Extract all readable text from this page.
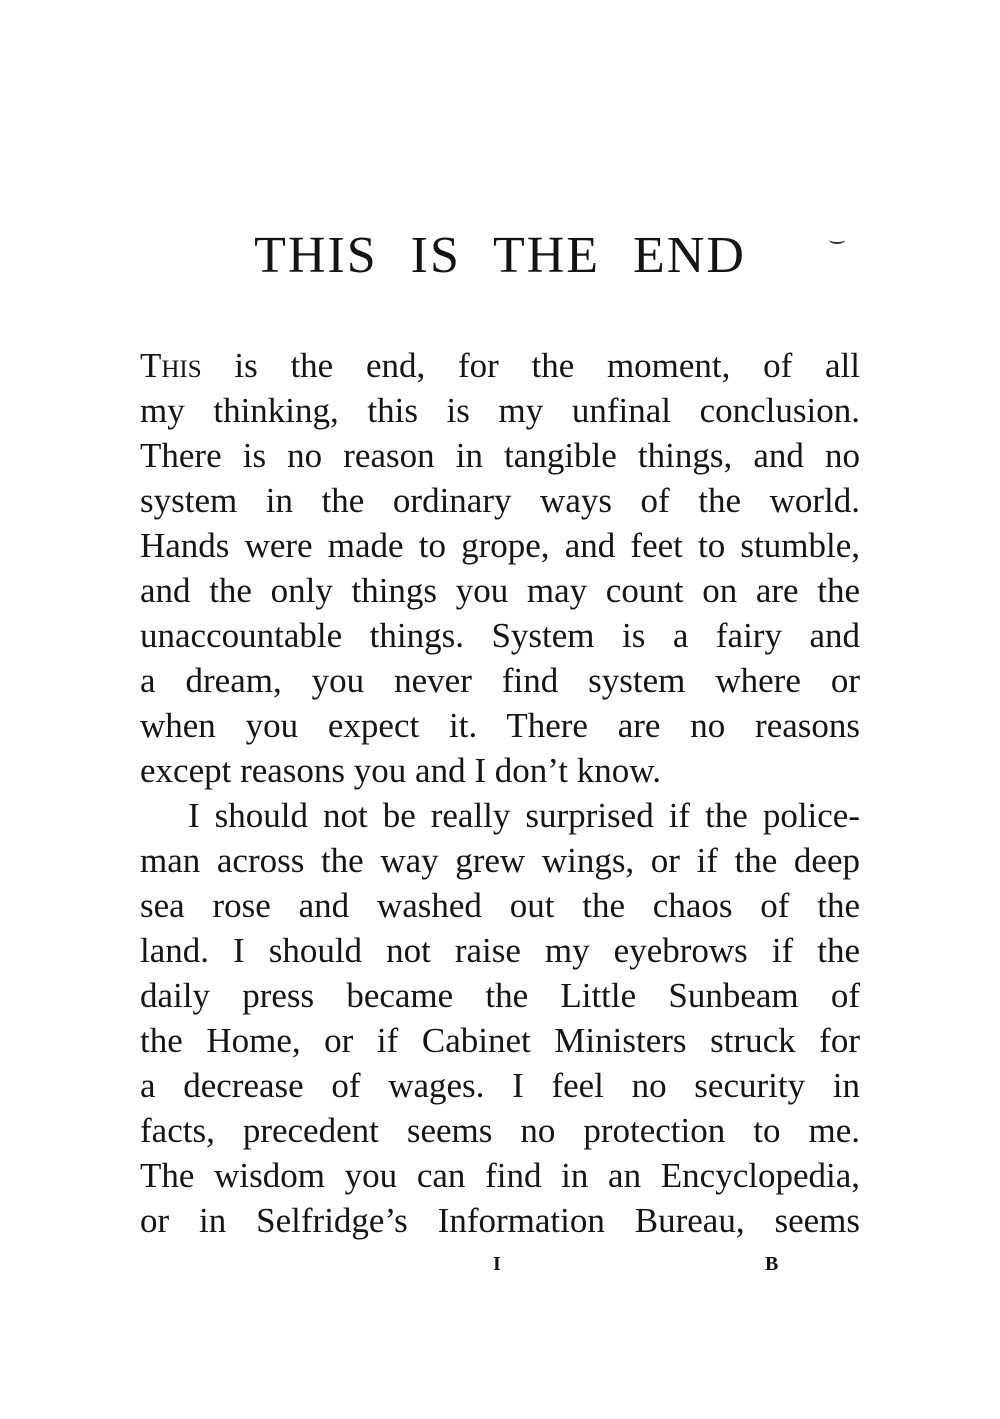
THIS IS THE END
This is the end, for the moment, of all
my thinking, this is my unfinal conclusion.
There is no reason in tangible things, and no
system in the ordinary ways of the world.
Hands were made to grope, and feet to stumble,
and the only things you may count on are the
unaccountable things. System is a fairy and
a dream, you never find system where or
when you expect it. There are no reasons
except reasons you and I don’t know.
I should not be really surprised if the police-
man across the way grew wings, or if the deep
sea rose and washed out the chaos of the
land. I should not raise my eyebrows if the
daily press became the Little Sunbeam of
the Home, or if Cabinet Ministers struck for
a decrease of wages. I feel no security in
facts, precedent seems no protection to me.
The wisdom you can find in an Encyclopedia,
or in Selfridge’s Information Bureau, seems
I	B
